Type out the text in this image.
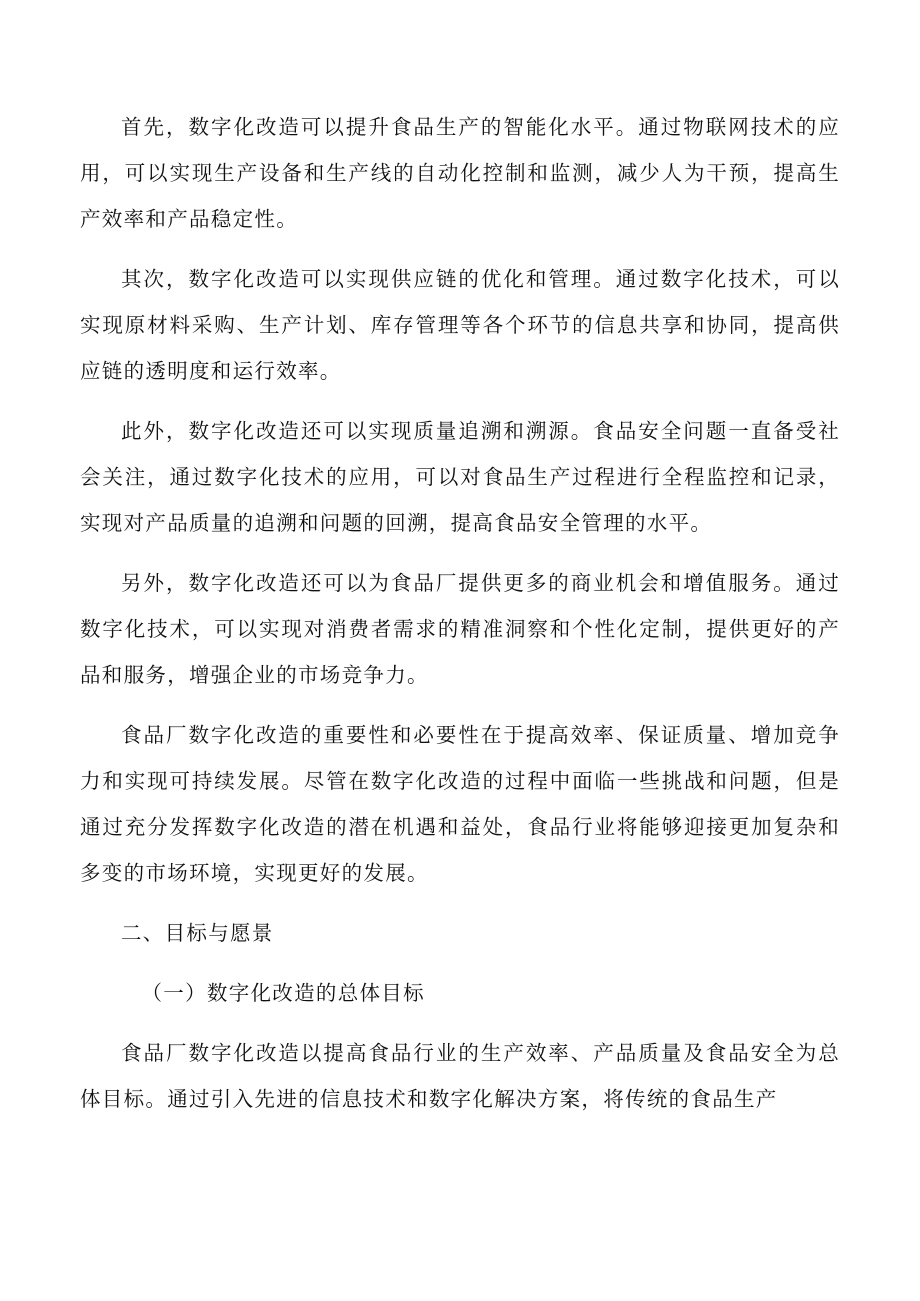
首先，数字化改造可以提升食品生产的智能化水平。通过物联网技术的应用，可以实现生产设备和生产线的自动化控制和监测，减少人为干预，提高生产效率和产品稳定性。

其次，数字化改造可以实现供应链的优化和管理。通过数字化技术，可以实现原材料采购、生产计划、库存管理等各个环节的信息共享和协同，提高供应链的透明度和运行效率。

此外，数字化改造还可以实现质量追溯和溯源。食品安全问题一直备受社会关注，通过数字化技术的应用，可以对食品生产过程进行全程监控和记录，实现对产品质量的追溯和问题的回溯，提高食品安全管理的水平。

另外，数字化改造还可以为食品厂提供更多的商业机会和增值服务。通过数字化技术，可以实现对消费者需求的精准洞察和个性化定制，提供更好的产品和服务，增强企业的市场竞争力。

食品厂数字化改造的重要性和必要性在于提高效率、保证质量、增加竞争力和实现可持续发展。尽管在数字化改造的过程中面临一些挑战和问题，但是通过充分发挥数字化改造的潜在机遇和益处，食品行业将能够迎接更加复杂和多变的市场环境，实现更好的发展。

二、目标与愿景

（一）数字化改造的总体目标

食品厂数字化改造以提高食品行业的生产效率、产品质量及食品安全为总体目标。通过引入先进的信息技术和数字化解决方案，将传统的食品生产
